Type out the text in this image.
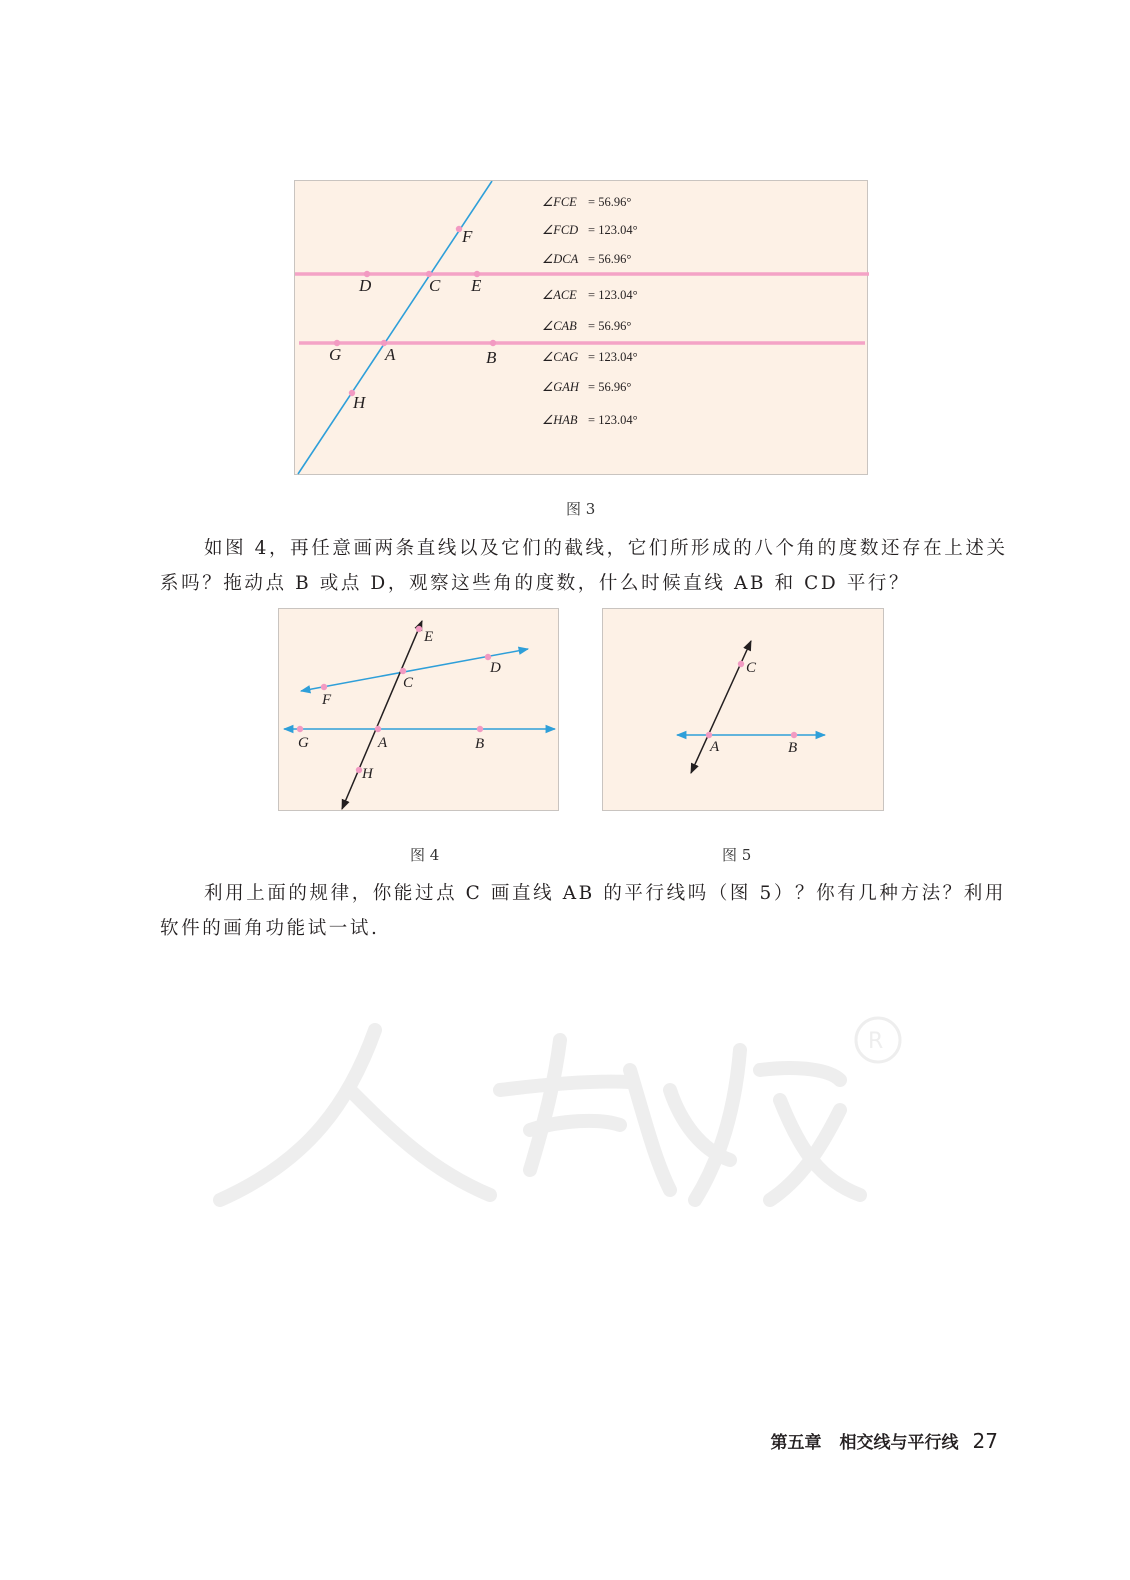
F
D	C E
G	A	B
H
∠FCE = 56.96°
∠FCD = 123.04°
∠DCA = 56.96°
∠ACE = 123.04°
∠CAB = 56.96°
∠CAG = 123.04°
∠GAH = 56.96°
∠HAB = 123.04°
图 3
如图 4，再任意画两条直线以及它们的截线，它们所形成的八个角的度数还存在上述关系吗？拖动点 B 或点 D，观察这些角的度数，什么时候直线 AB 和 CD 平行？
E
C
D
F
G	A	B
H
C
A	B
图 4	图 5
利用上面的规律，你能过点 C 画直线 AB 的平行线吗（图 5）？你有几种方法？利用软件的画角功能试一试.
R
第五章 相交线与平行线 27
